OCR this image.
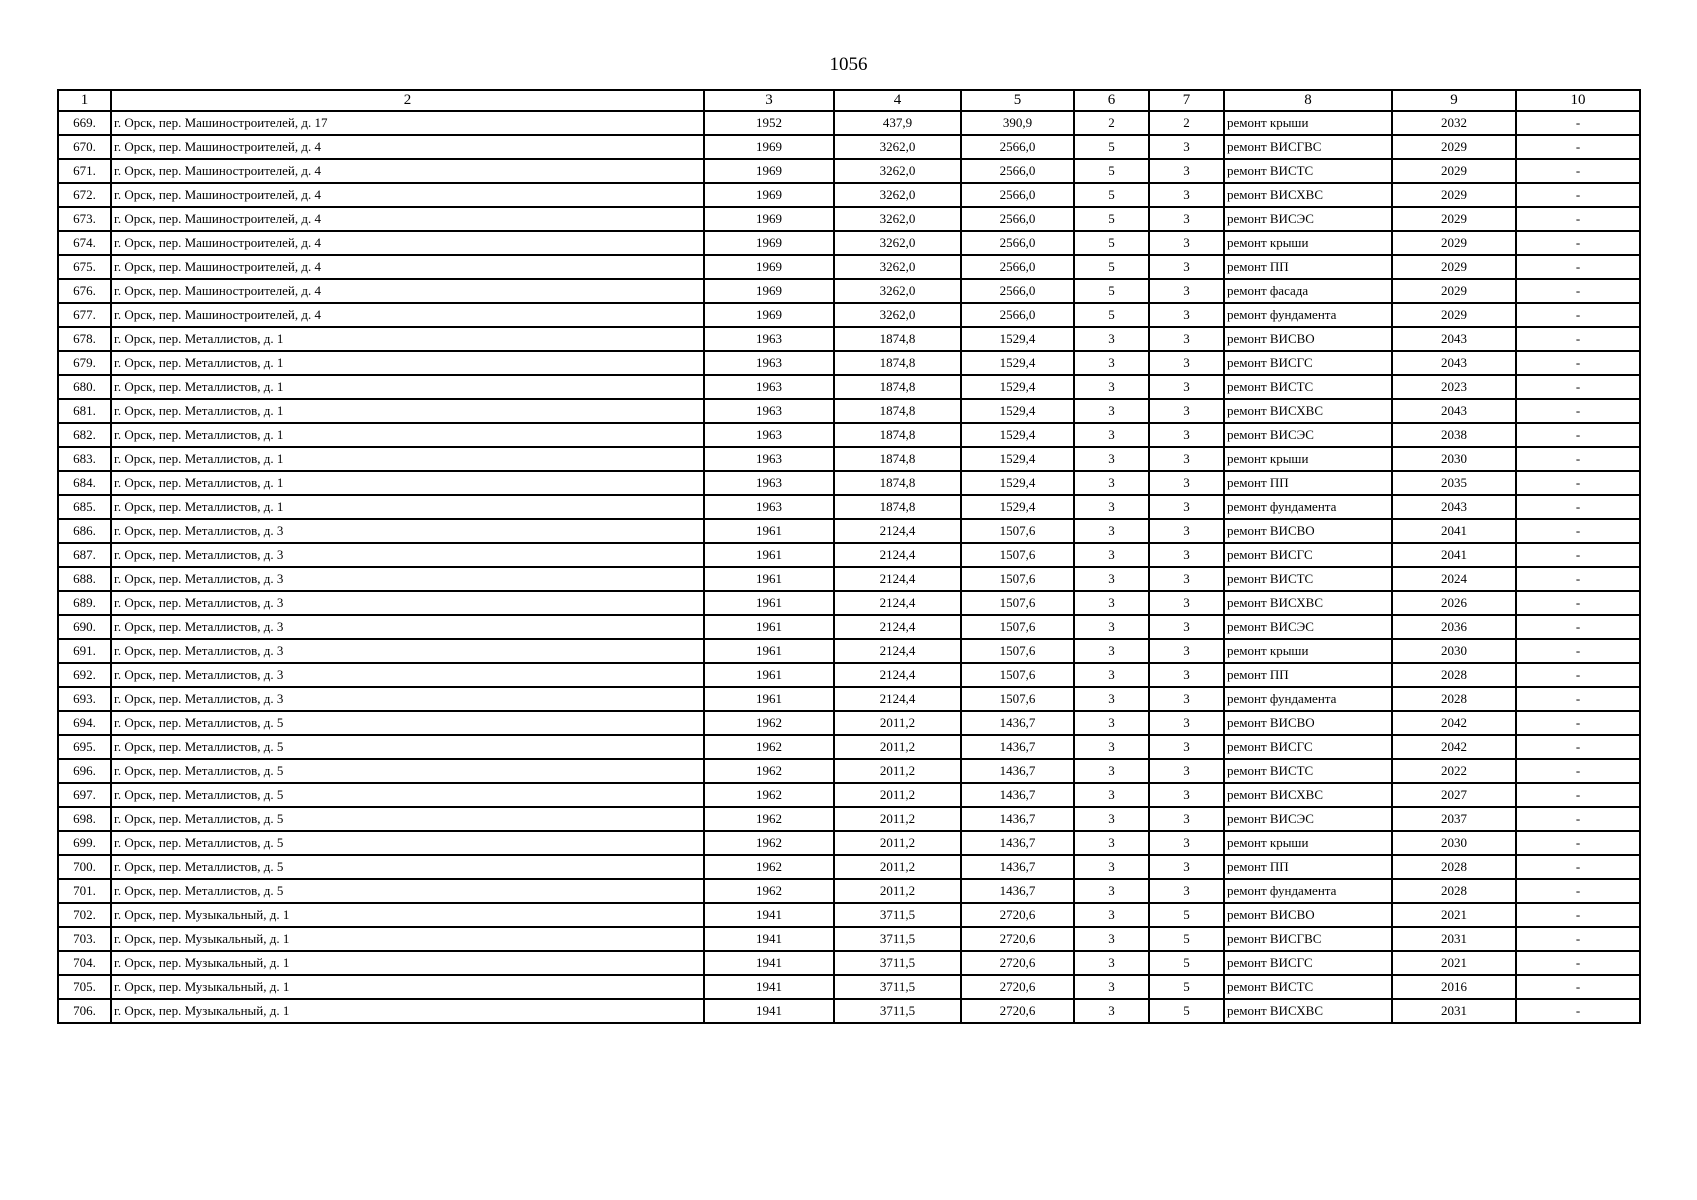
1056
1	2	3	4	5	6	7	8	9	10
669.	г. Орск, пер. Машиностроителей, д. 17	1952	437,9	390,9	2	2	ремонт крыши	2032	-
670.	г. Орск, пер. Машиностроителей, д. 4	1969	3262,0	2566,0	5	3	ремонт ВИСГВС	2029	-
671.	г. Орск, пер. Машиностроителей, д. 4	1969	3262,0	2566,0	5	3	ремонт ВИСТС	2029	-
672.	г. Орск, пер. Машиностроителей, д. 4	1969	3262,0	2566,0	5	3	ремонт ВИСХВС	2029	-
673.	г. Орск, пер. Машиностроителей, д. 4	1969	3262,0	2566,0	5	3	ремонт ВИСЭС	2029	-
674.	г. Орск, пер. Машиностроителей, д. 4	1969	3262,0	2566,0	5	3	ремонт крыши	2029	-
675.	г. Орск, пер. Машиностроителей, д. 4	1969	3262,0	2566,0	5	3	ремонт ПП	2029	-
676.	г. Орск, пер. Машиностроителей, д. 4	1969	3262,0	2566,0	5	3	ремонт фасада	2029	-
677.	г. Орск, пер. Машиностроителей, д. 4	1969	3262,0	2566,0	5	3	ремонт фундамента	2029	-
678.	г. Орск, пер. Металлистов, д. 1	1963	1874,8	1529,4	3	3	ремонт ВИСВО	2043	-
679.	г. Орск, пер. Металлистов, д. 1	1963	1874,8	1529,4	3	3	ремонт ВИСГС	2043	-
680.	г. Орск, пер. Металлистов, д. 1	1963	1874,8	1529,4	3	3	ремонт ВИСТС	2023	-
681.	г. Орск, пер. Металлистов, д. 1	1963	1874,8	1529,4	3	3	ремонт ВИСХВС	2043	-
682.	г. Орск, пер. Металлистов, д. 1	1963	1874,8	1529,4	3	3	ремонт ВИСЭС	2038	-
683.	г. Орск, пер. Металлистов, д. 1	1963	1874,8	1529,4	3	3	ремонт крыши	2030	-
684.	г. Орск, пер. Металлистов, д. 1	1963	1874,8	1529,4	3	3	ремонт ПП	2035	-
685.	г. Орск, пер. Металлистов, д. 1	1963	1874,8	1529,4	3	3	ремонт фундамента	2043	-
686.	г. Орск, пер. Металлистов, д. 3	1961	2124,4	1507,6	3	3	ремонт ВИСВО	2041	-
687.	г. Орск, пер. Металлистов, д. 3	1961	2124,4	1507,6	3	3	ремонт ВИСГС	2041	-
688.	г. Орск, пер. Металлистов, д. 3	1961	2124,4	1507,6	3	3	ремонт ВИСТС	2024	-
689.	г. Орск, пер. Металлистов, д. 3	1961	2124,4	1507,6	3	3	ремонт ВИСХВС	2026	-
690.	г. Орск, пер. Металлистов, д. 3	1961	2124,4	1507,6	3	3	ремонт ВИСЭС	2036	-
691.	г. Орск, пер. Металлистов, д. 3	1961	2124,4	1507,6	3	3	ремонт крыши	2030	-
692.	г. Орск, пер. Металлистов, д. 3	1961	2124,4	1507,6	3	3	ремонт ПП	2028	-
693.	г. Орск, пер. Металлистов, д. 3	1961	2124,4	1507,6	3	3	ремонт фундамента	2028	-
694.	г. Орск, пер. Металлистов, д. 5	1962	2011,2	1436,7	3	3	ремонт ВИСВО	2042	-
695.	г. Орск, пер. Металлистов, д. 5	1962	2011,2	1436,7	3	3	ремонт ВИСГС	2042	-
696.	г. Орск, пер. Металлистов, д. 5	1962	2011,2	1436,7	3	3	ремонт ВИСТС	2022	-
697.	г. Орск, пер. Металлистов, д. 5	1962	2011,2	1436,7	3	3	ремонт ВИСХВС	2027	-
698.	г. Орск, пер. Металлистов, д. 5	1962	2011,2	1436,7	3	3	ремонт ВИСЭС	2037	-
699.	г. Орск, пер. Металлистов, д. 5	1962	2011,2	1436,7	3	3	ремонт крыши	2030	-
700.	г. Орск, пер. Металлистов, д. 5	1962	2011,2	1436,7	3	3	ремонт ПП	2028	-
701.	г. Орск, пер. Металлистов, д. 5	1962	2011,2	1436,7	3	3	ремонт фундамента	2028	-
702.	г. Орск, пер. Музыкальный, д. 1	1941	3711,5	2720,6	3	5	ремонт ВИСВО	2021	-
703.	г. Орск, пер. Музыкальный, д. 1	1941	3711,5	2720,6	3	5	ремонт ВИСГВС	2031	-
704.	г. Орск, пер. Музыкальный, д. 1	1941	3711,5	2720,6	3	5	ремонт ВИСГС	2021	-
705.	г. Орск, пер. Музыкальный, д. 1	1941	3711,5	2720,6	3	5	ремонт ВИСТС	2016	-
706.	г. Орск, пер. Музыкальный, д. 1	1941	3711,5	2720,6	3	5	ремонт ВИСХВС	2031	-
